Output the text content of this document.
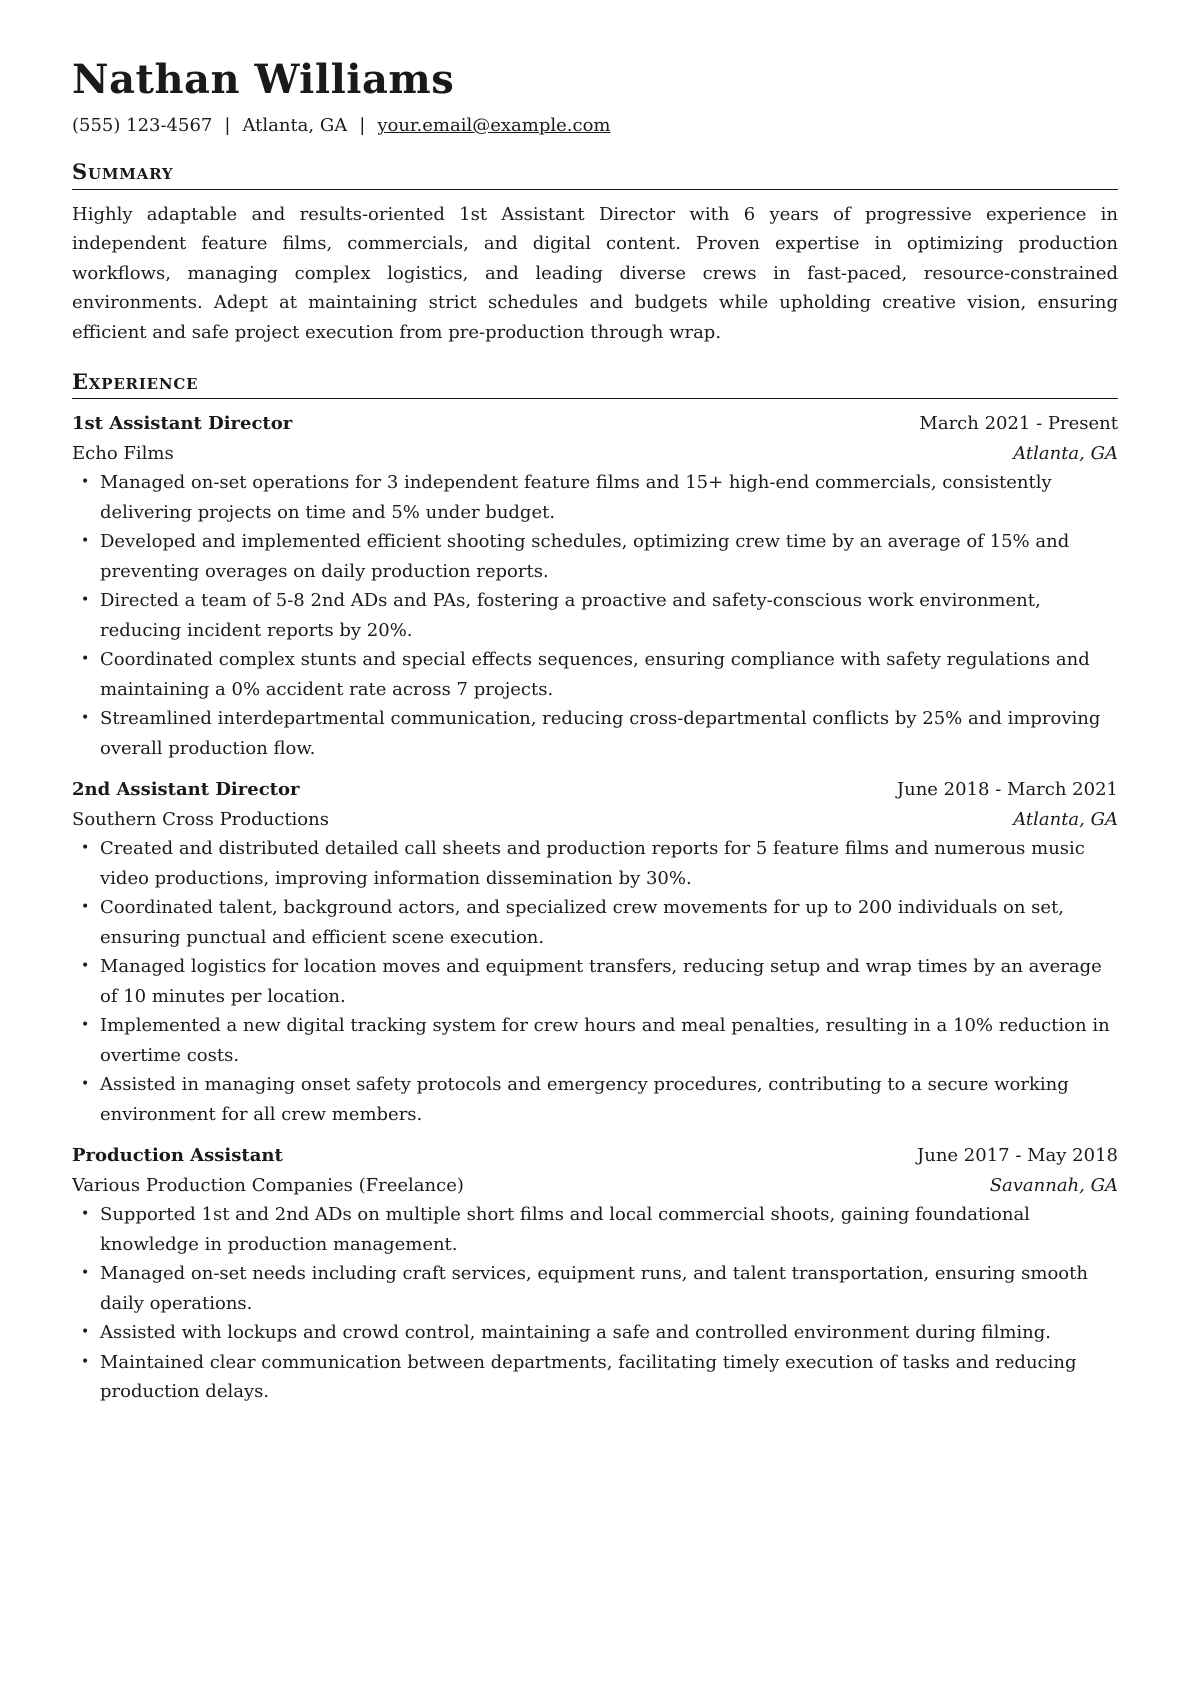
Nathan Williams
(555) 123-4567 | Atlanta, GA | your.email@example.com
Summary
Highly adaptable and results-oriented 1st Assistant Director with 6 years of progressive experience in independent feature films, commercials, and digital content. Proven expertise in optimizing production workflows, managing complex logistics, and leading diverse crews in fast-paced, resource-constrained environments. Adept at maintaining strict schedules and budgets while upholding creative vision, ensuring efficient and safe project execution from pre-production through wrap.
Experience
1st Assistant Director	March 2021 - Present
Echo Films	Atlanta, GA
• Managed on-set operations for 3 independent feature films and 15+ high-end commercials, consistently delivering projects on time and 5% under budget.
• Developed and implemented efficient shooting schedules, optimizing crew time by an average of 15% and preventing overages on daily production reports.
• Directed a team of 5-8 2nd ADs and PAs, fostering a proactive and safety-conscious work environment, reducing incident reports by 20%.
• Coordinated complex stunts and special effects sequences, ensuring compliance with safety regulations and maintaining a 0% accident rate across 7 projects.
• Streamlined interdepartmental communication, reducing cross-departmental conflicts by 25% and improving overall production flow.
2nd Assistant Director	June 2018 - March 2021
Southern Cross Productions	Atlanta, GA
• Created and distributed detailed call sheets and production reports for 5 feature films and numerous music video productions, improving information dissemination by 30%.
• Coordinated talent, background actors, and specialized crew movements for up to 200 individuals on set, ensuring punctual and efficient scene execution.
• Managed logistics for location moves and equipment transfers, reducing setup and wrap times by an average of 10 minutes per location.
• Implemented a new digital tracking system for crew hours and meal penalties, resulting in a 10% reduction in overtime costs.
• Assisted in managing onset safety protocols and emergency procedures, contributing to a secure working environment for all crew members.
Production Assistant	June 2017 - May 2018
Various Production Companies (Freelance)	Savannah, GA
• Supported 1st and 2nd ADs on multiple short films and local commercial shoots, gaining foundational knowledge in production management.
• Managed on-set needs including craft services, equipment runs, and talent transportation, ensuring smooth daily operations.
• Assisted with lockups and crowd control, maintaining a safe and controlled environment during filming.
• Maintained clear communication between departments, facilitating timely execution of tasks and reducing production delays.
